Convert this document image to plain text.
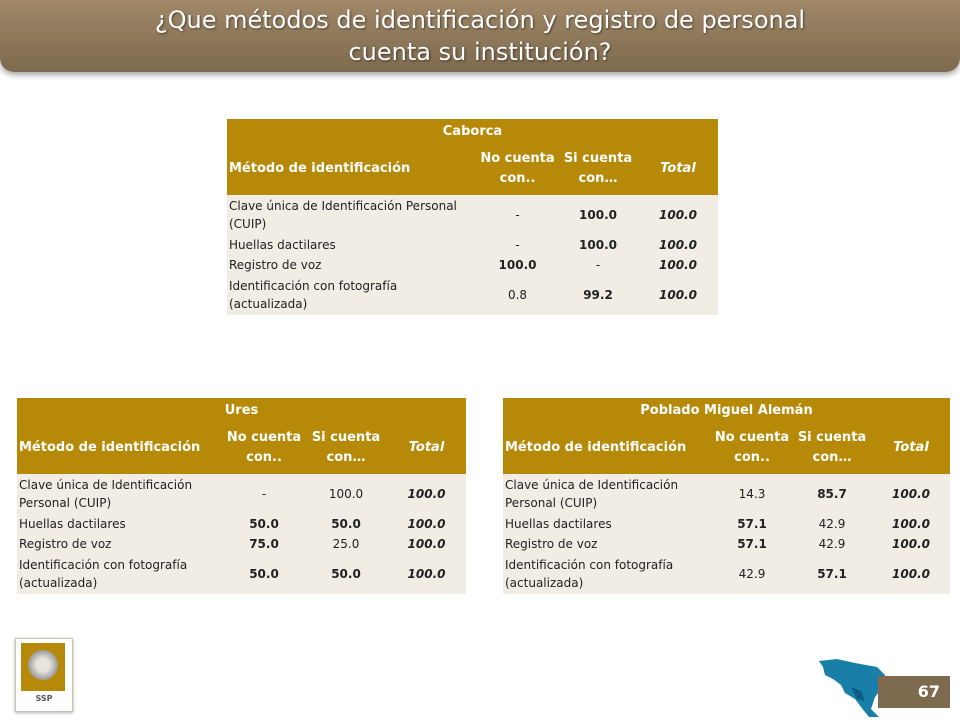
¿Que métodos de identificación y registro de personal
cuenta su institución?
Caborca			
Método de identificación	No cuenta con..	Si cuenta con…	Total
Clave única de Identificación Personal (CUIP)	-	100.0	100.0
Huellas dactilares	-	100.0	100.0
Registro de voz	100.0	-	100.0
Identificación con fotografía (actualizada)	0.8	99.2	100.0
Ures			
Método de identificación	No cuenta con..	Si cuenta con…	Total
Clave única de Identificación Personal (CUIP)	-	100.0	100.0
Huellas dactilares	50.0	50.0	100.0
Registro de voz	75.0	25.0	100.0
Identificación con fotografía (actualizada)	50.0	50.0	100.0
Poblado Miguel Alemán			
Método de identificación	No cuenta con..	Si cuenta con…	Total
Clave única de Identificación Personal (CUIP)	14.3	85.7	100.0
Huellas dactilares	57.1	42.9	100.0
Registro de voz	57.1	42.9	100.0
Identificación con fotografía (actualizada)	42.9	57.1	100.0
SSP	67
